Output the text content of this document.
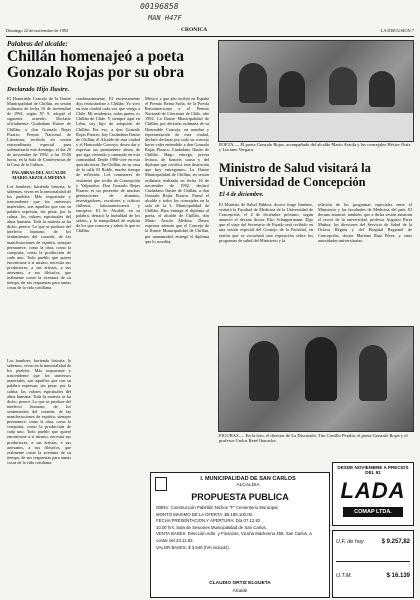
00196858
MAN H47F
Domingo 22 de noviembre de 1992	CRONICA	LA DISCUSION 7
Palabras del alcalde:
Chillán homenajeó a poeta Gonzalo Rojas por su obra
Declarado Hijo Ilustre.

El Honorable Concejo de la Ilustre Municipalidad de Chillán, en sesión ordinaria de fecha 16 de noviembre de 1992, según N° 9, adoptó el siguiente acuerdo: Declarar oficialmente Ciudadano Ilustre de Chillán, a don Gonzalo Rojas Pizarro, Premio Nacional de Literatura; recibido en sesión extraordinaria especial para solemnizarla este domingo, el día 20 de noviembre de 1992, a las 19:00 horas, en la Sala de Conferencias de la Casa de la Cultura.

PALABRAS DEL ALCALDE MARIO ARZOLA MEDINA

Los hombres, haciendo historia, lo sabemos, viven en la inmortalidad de los pueblos. Más importante y trascendente que los universos materiales, son aquellos que con su palabra expresan, sin pesar, por la calma, los valores espirituales del alma humana. Toda la materia se ha dicho, perece. Lo que se produce del intelecto humano, de los sentimientos del corazón, de las manifestaciones de espíritu, siempre permanece, como la obra, como la conquista, como la producción de cada uno. Todo pueblo que quiere encontrarse a sí mismo, necesita sus productores, a sus artistas, a sus artesanos, a sus filósofos, que realmente como la aventura de su tiempo, de sus respuestas para tantas cosas de la vida cotidiana.

condenadamente, El enciertamente dijo retrucándose a Chillán: Yo vivo en esta ciudad cada vez que vengo a Chile. Mi residencia, todas partes, es Chillán de Chile. Y siempre aquí en Lebu, soy hijo de adopción de Chillán. Por eso, a don Gonzalo Rojas Pizarro, hoy Ciudadano Ilustre de Chillán, el Alcalde de esta ciudad y el Honorable Concejo, desea dar y expresar un permanente deseo de que siga viviendo y cantando en esta comunidad. Desde 1980 vive en esta querida tierra. En Chillán, en su casa de la calle El Roble, mucho tiempo de reflexión. Los centenares de visitantes que recibe de Concepción y Valparaíso. Don Gonzalo Rojas Pizarro es un poseedor de muchas generaciones de alumnos, investigadores, escritores y críticos chilenos, latinoamericanos y europeos. El Sr. Alcalde, en su palabra, destacó la humildad de los sabios, y la tranquilidad de espíritu de los que conocen y saben lo que es Chillán.

México y que año recibió en España el Premio Reina Sofía, de la Poesía Iberoamericana y el Premio Nacional de Literatura de Chile, año 1992. La Ilustre Municipalidad de Chillán, por decisión ordinaria de su Honorable Concejo, en nombre y representación de esta ciudad, declaró declarar por todo su concejo hacer valer entendido a don Gonzalo Rojas Pizarro, Ciudadano Ilustre de Chillán. Hago entrega, previa lectura, de honoris causa y del diploma que certifica esta distinción que hoy entregamos. La Ilustre Municipalidad de Chillán, en sesión ordinaria realizada en fecha 16 de noviembre de 1992, declaró Ciudadano Ilustre de Chillán, a don Gonzalo Rojas Pizarro. Firmó el alcalde y todos los concejales en la sala de la I. Municipalidad de Chillán. Hizo entrega el diploma al poeta, el alcalde de Chillán, don Mario Arzola Medina. Deseo expresar además que el Concejo de la Ilustre Municipalidad de Chillán, por unanimidad, entregó el diploma que lo acredita.

Los hombres, haciendo historia, lo sabemos, viven en la inmortalidad de los pueblos. Más importante y trascendente que los universos materiales, son aquellos que con su palabra expresan, sin pesar, por la calma, los valores espirituales del alma humana. Toda la materia se ha dicho, perece. Lo que se produce del intelecto humano, de los sentimientos del corazón, de las manifestaciones de espíritu, siempre permanece, como la obra, como la conquista, como la producción de cada uno. Todo pueblo que quiere encontrarse a sí mismo, necesita sus productores, a sus artistas, a sus artesanos, a sus filósofos, que realmente como la aventura de su tiempo, de sus respuestas para tantas cosas de la vida cotidiana.

POETA.— El poeta Gonzalo Rojas, acompañado del alcalde Mario Arzola y los concejales Héctor Ortiz y Luciano Vergara.
Ministro de Salud visitará la Universidad de Concepción
El 4 de diciembre.

El Ministro de Salud Pública, doctor Jorge Jiménez, visitará la Facultad de Medicina de la Universidad de Concepción, el 4 de diciembre próximo, según anunció el decano doctor Elso Schuppermann. Dijo que el viaje del Secretario de Estado será recibido en una sesión especial del Consejo de la Facultad, en sesión que se escuchará una exposición sobre los programas de salud del Ministerio y la

relación de los programas especiales entre el Ministerio y las facultades de Medicina del país. El decano anunció, también, que a dicha sesión asistirán el rector de la universidad, profesor Augusto Parra Muñoz; los directores del Servicio de Salud de la Octava Región y del Hospital Regional de Concepción, doctor Mariano Ruiz Pérez, y otras autoridades universitarias.

FIGURAS.— En la foto, el director de La Discusión, Tito Castillo Peralta, el poeta Gonzalo Rojas y el profesor Carlos René Ibacache.
I. MUNICIPALIDAD DE SAN CARLOS
ALCALDIA
PROPUESTA PUBLICA
OBRA: Construcción Pabellón Nichos "F" Cementerio Municipal.
MONTO MAXIMO DE LA OFERTA: $5.180.100.00.
FECHA PRESENTACION Y APERTURA: Día 07.12.92
10.00 hrs. Sala de Sesiones Municipalidad de San Carlos.
VENTA BASES: Dirección Adm. y Finanzas, Vicuña Mackenna 456, San Carlos, a contar del 23.11.92.
VALOR BASES: $ 3.540 (IVA incluido).
CLAUDIO ORTIZ ELGUETA
Alcalde
DESDE NOVIEMBRE A PRECIOS DEL 92
LADA
COMAP LTDA.
U.F. de hoy	$ 9.257,82
U.T.M.	$ 16.139
